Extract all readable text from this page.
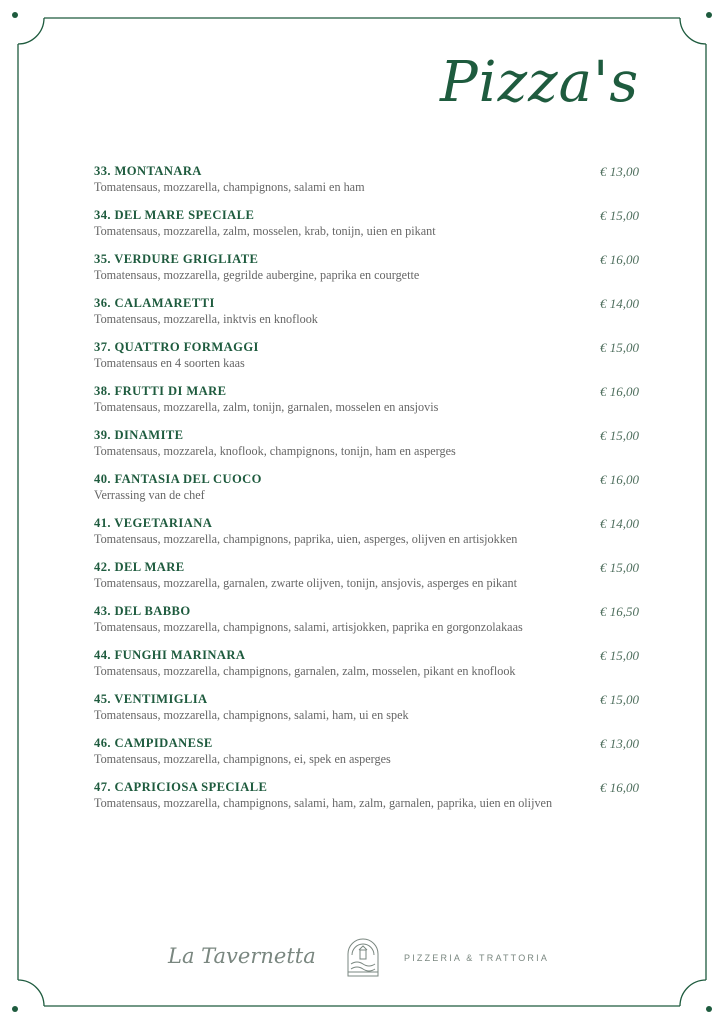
Pizza's
33. MONTANARA
Tomatensaus, mozzarella, champignons, salami en ham
€ 13,00
34. DEL MARE SPECIALE
Tomatensaus, mozzarella, zalm, mosselen, krab, tonijn, uien en pikant
€ 15,00
35. VERDURE GRIGLIATE
Tomatensaus, mozzarella, gegrilde aubergine, paprika en courgette
€ 16,00
36. CALAMARETTI
Tomatensaus, mozzarella, inktvis en knoflook
€ 14,00
37. QUATTRO FORMAGGI
Tomatensaus en 4 soorten kaas
€ 15,00
38. FRUTTI DI MARE
Tomatensaus, mozzarella, zalm, tonijn, garnalen, mosselen en ansjovis
€ 16,00
39. DINAMITE
Tomatensaus, mozzarela, knoflook, champignons, tonijn, ham en asperges
€ 15,00
40. FANTASIA DEL CUOCO
Verrassing van de chef
€ 16,00
41. VEGETARIANA
Tomatensaus, mozzarella, champignons, paprika, uien, asperges, olijven en artisjokken
€ 14,00
42. DEL MARE
Tomatensaus, mozzarella, garnalen, zwarte olijven, tonijn, ansjovis, asperges en pikant
€ 15,00
43. DEL BABBO
Tomatensaus, mozzarella, champignons, salami, artisjokken, paprika en gorgonzolakaas
€ 16,50
44. FUNGHI MARINARA
Tomatensaus, mozzarella, champignons, garnalen, zalm, mosselen, pikant en knoflook
€ 15,00
45. VENTIMIGLIA
Tomatensaus, mozzarella, champignons, salami, ham, ui en spek
€ 15,00
46. CAMPIDANESE
Tomatensaus, mozzarella, champignons, ei, spek en asperges
€ 13,00
47. CAPRICIOSA SPECIALE
Tomatensaus, mozzarella, champignons, salami, ham, zalm, garnalen, paprika, uien en olijven
€ 16,00
La Tavernetta	PIZZERIA & TRATTORIA
